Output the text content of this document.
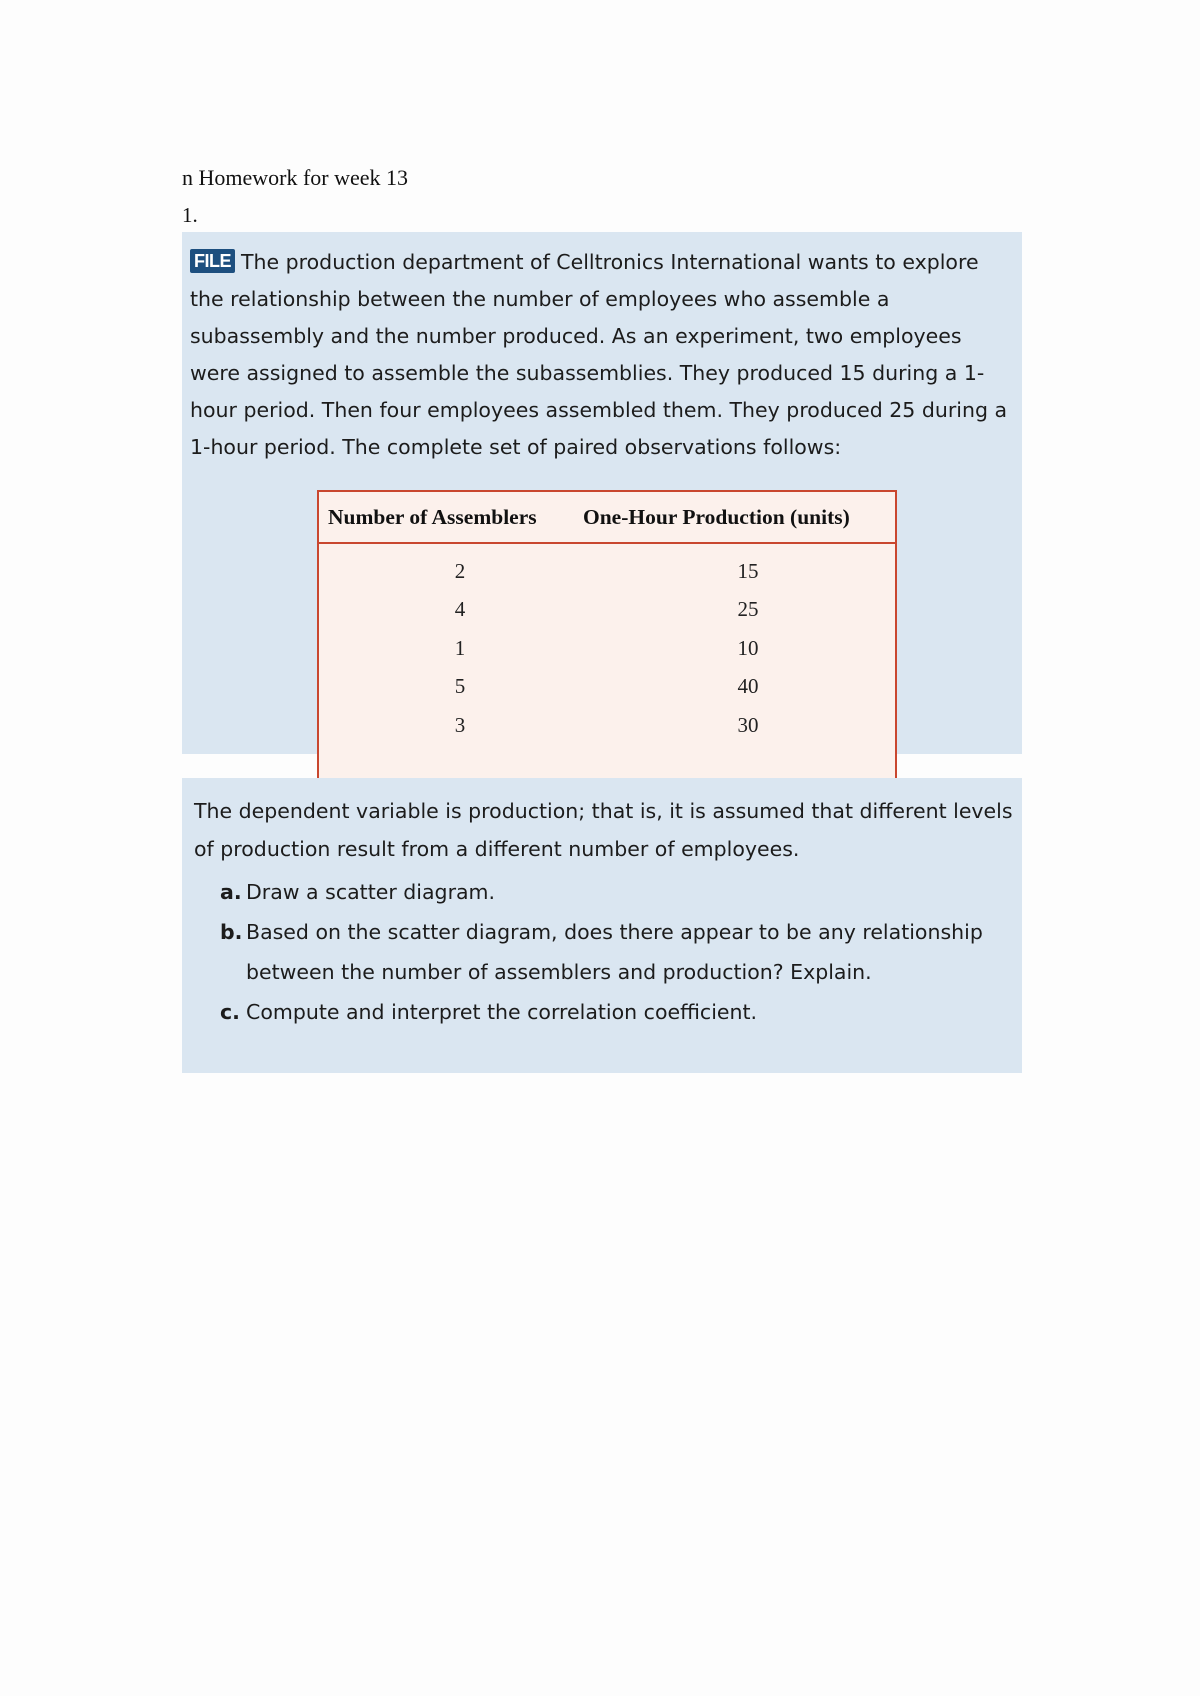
n Homework for week 13
1.

FILE The production department of Celltronics International wants to explore the relationship between the number of employees who assemble a subassembly and the number produced. As an experiment, two employees were assigned to assemble the subassemblies. They produced 15 during a 1-hour period. Then four employees assembled them. They produced 25 during a 1-hour period. The complete set of paired observations follows:

Number of Assemblers	One-Hour Production (units)
2	15
4	25
1	10
5	40
3	30

The dependent variable is production; that is, it is assumed that different levels of production result from a different number of employees.

a. Draw a scatter diagram.
b. Based on the scatter diagram, does there appear to be any relationship between the number of assemblers and production? Explain.
c. Compute and interpret the correlation coefficient.
